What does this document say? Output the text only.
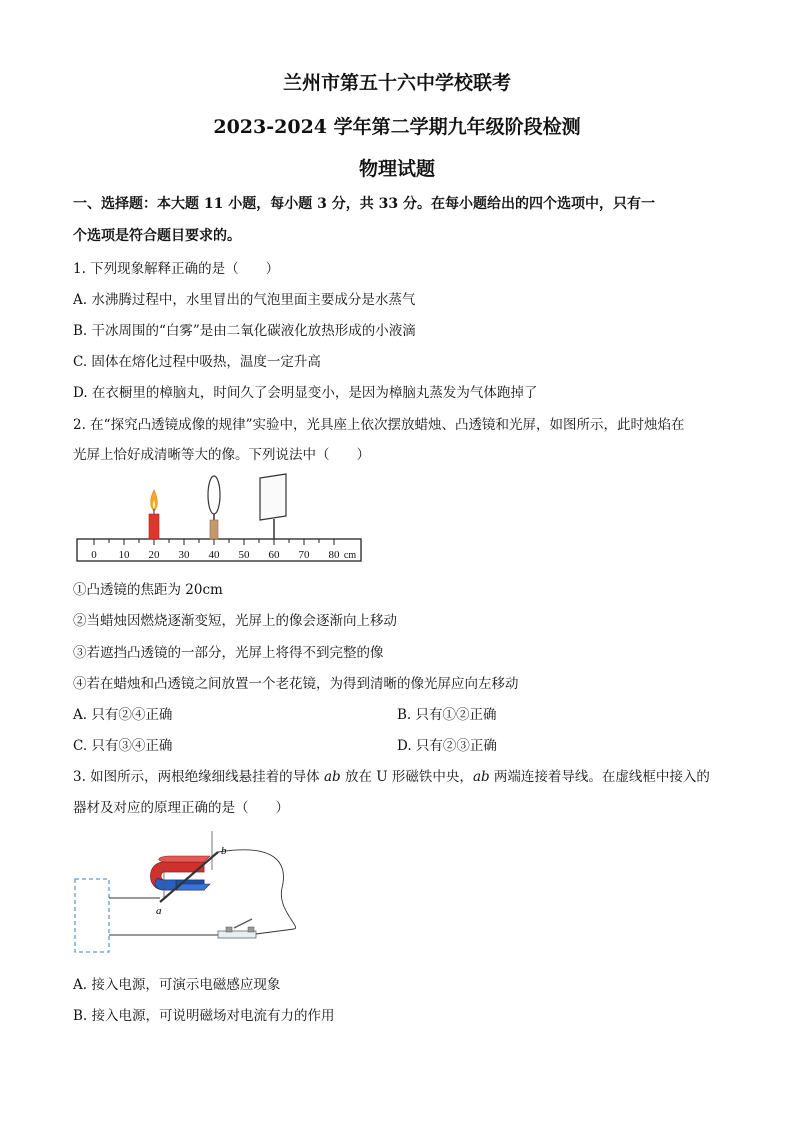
兰州市第五十六中学校联考
2023-2024 学年第二学期九年级阶段检测
物理试题
一、选择题：本大题 11 小题，每小题 3 分，共 33 分。在每小题给出的四个选项中，只有一
个选项是符合题目要求的。
1. 下列现象解释正确的是（　　）
A. 水沸腾过程中，水里冒出的气泡里面主要成分是水蒸气
B. 干冰周围的“白雾”是由二氧化碳液化放热形成的小液滴
C. 固体在熔化过程中吸热，温度一定升高
D. 在衣橱里的樟脑丸，时间久了会明显变小，是因为樟脑丸蒸发为气体跑掉了
2. 在“探究凸透镜成像的规律”实验中，光具座上依次摆放蜡烛、凸透镜和光屏，如图所示，此时烛焰在
光屏上恰好成清晰等大的像。下列说法中（　　）
0 10 20 30 40 50 60 70 80 cm
①凸透镜的焦距为 20cm
②当蜡烛因燃烧逐渐变短，光屏上的像会逐渐向上移动
③若遮挡凸透镜的一部分，光屏上将得不到完整的像
④若在蜡烛和凸透镜之间放置一个老花镜，为得到清晰的像光屏应向左移动
A. 只有②④正确	B. 只有①②正确
C. 只有③④正确	D. 只有②③正确
3. 如图所示，两根绝缘细线悬挂着的导体 ab 放在 U 形磁铁中央，ab 两端连接着导线。在虚线框中接入的
器材及对应的原理正确的是（　　）
b
a
A. 接入电源，可演示电磁感应现象
B. 接入电源，可说明磁场对电流有力的作用
